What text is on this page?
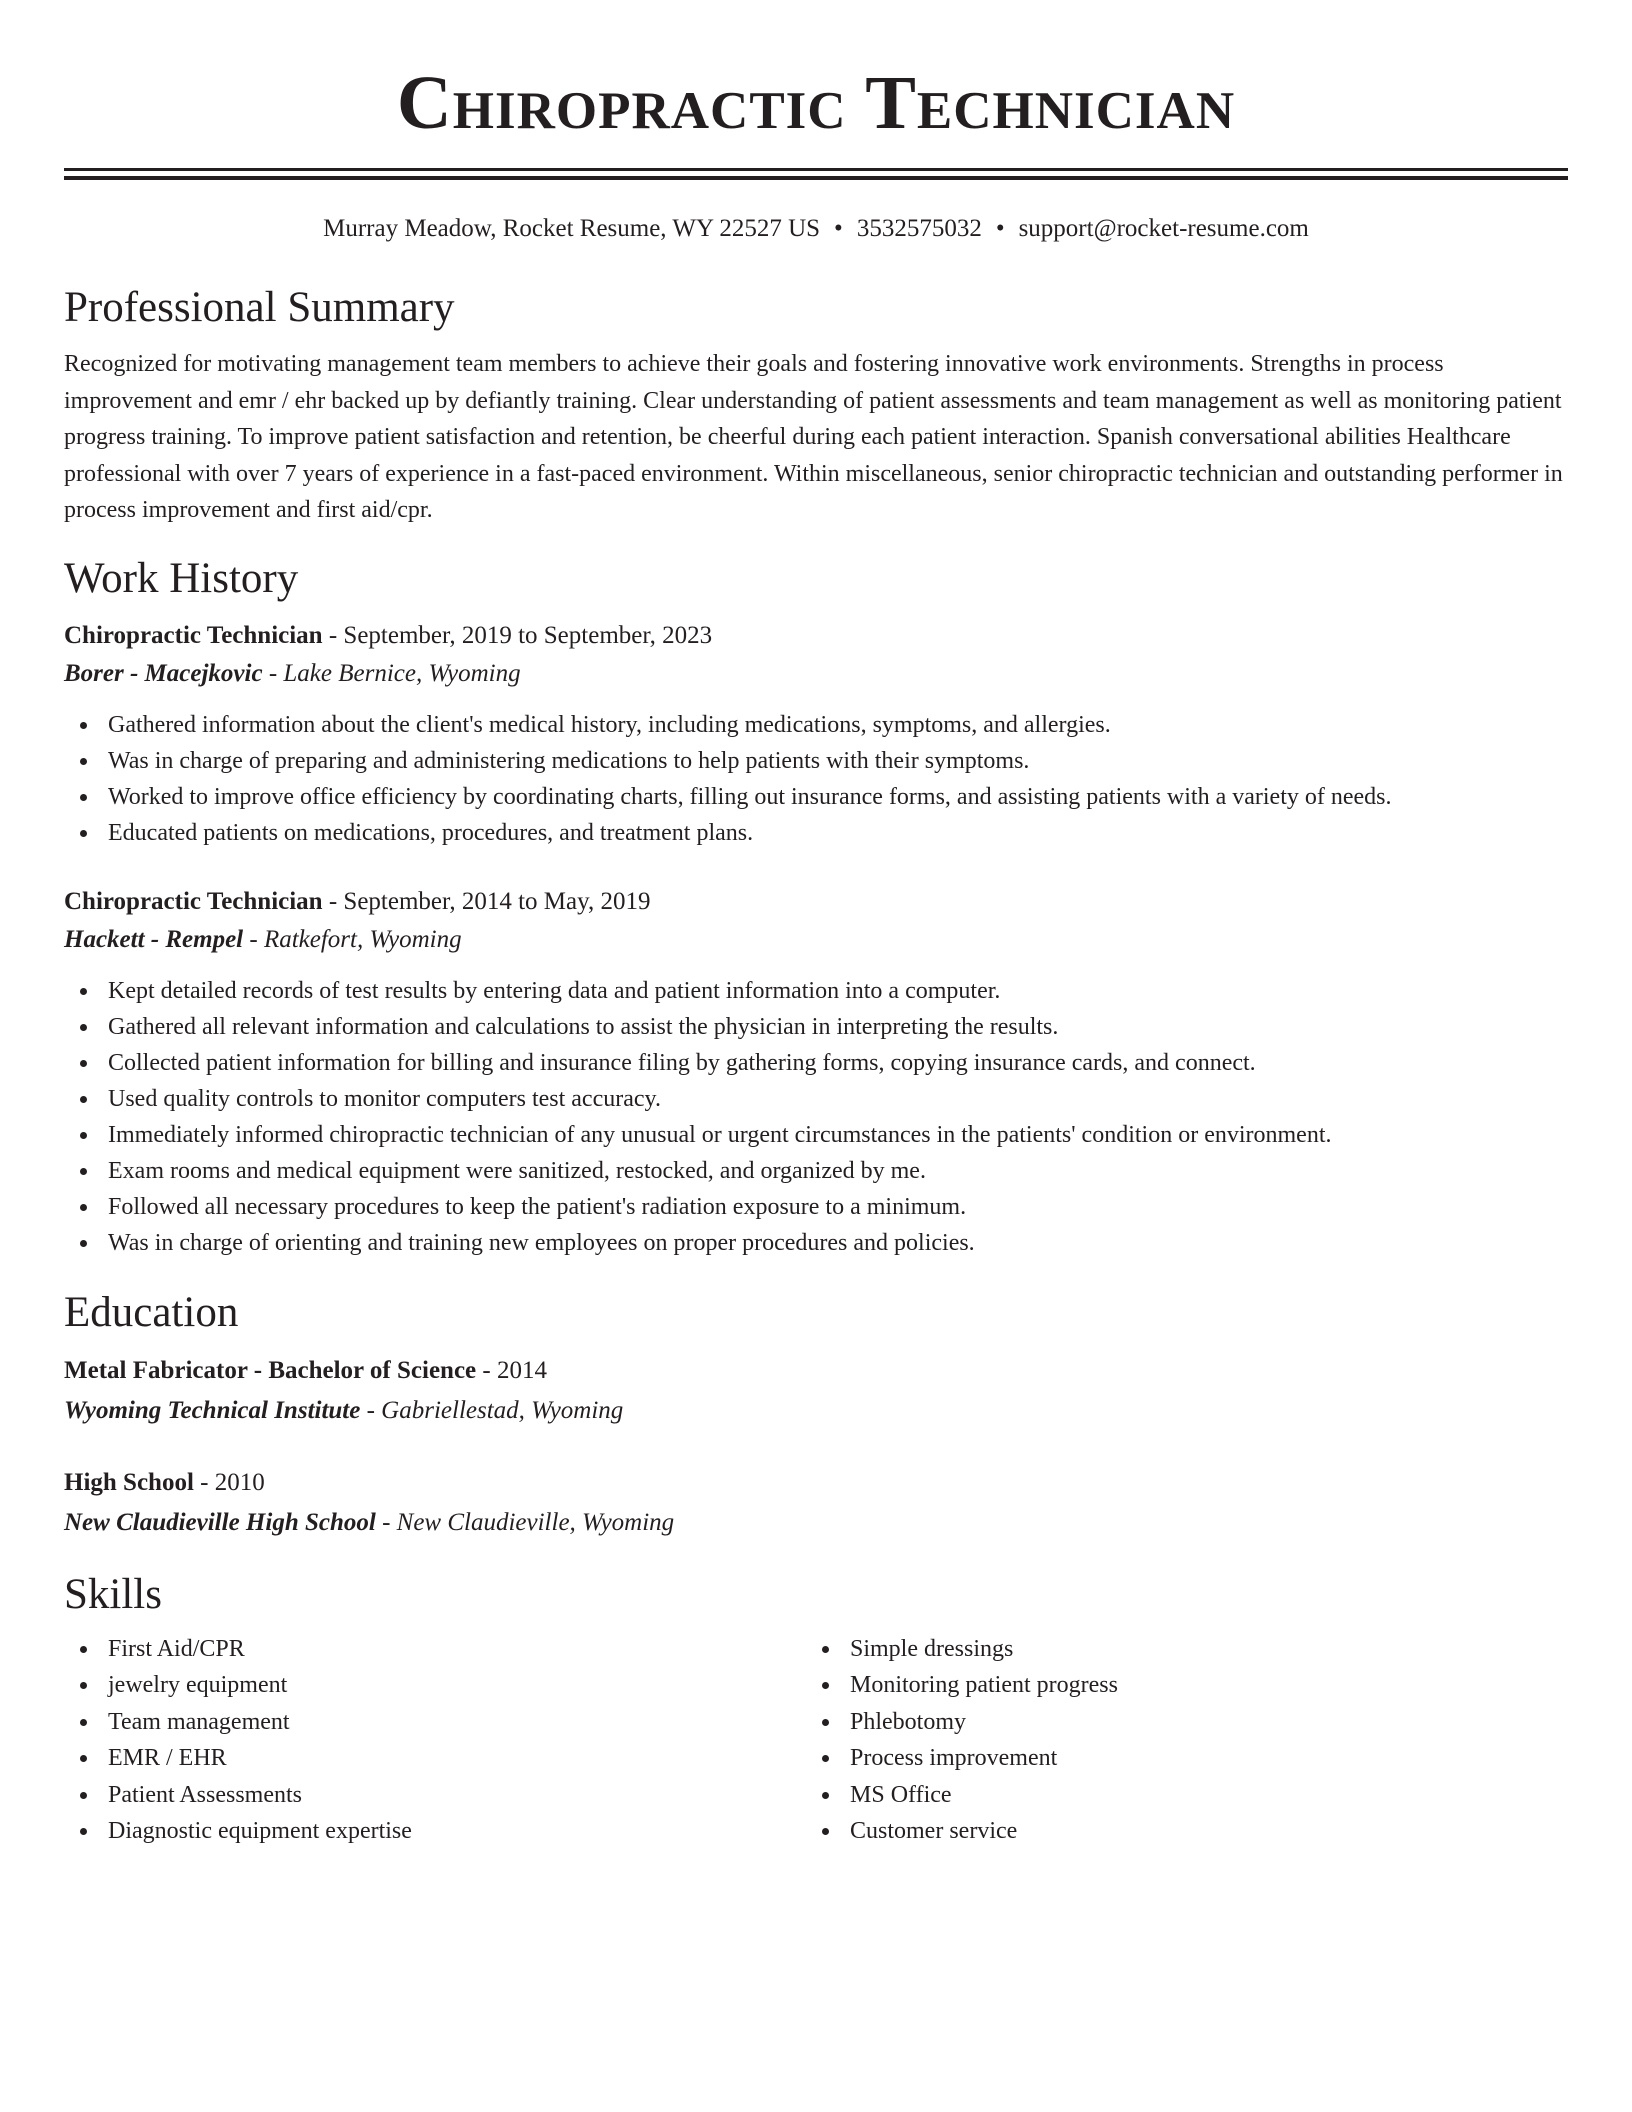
Chiropractic Technician
Murray Meadow, Rocket Resume, WY 22527 US • 3532575032 • support@rocket-resume.com
Professional Summary
Recognized for motivating management team members to achieve their goals and fostering innovative work environments. Strengths in process improvement and emr / ehr backed up by defiantly training. Clear understanding of patient assessments and team management as well as monitoring patient progress training. To improve patient satisfaction and retention, be cheerful during each patient interaction. Spanish conversational abilities Healthcare professional with over 7 years of experience in a fast-paced environment. Within miscellaneous, senior chiropractic technician and outstanding performer in process improvement and first aid/cpr.
Work History
Chiropractic Technician - September, 2019 to September, 2023
Borer - Macejkovic - Lake Bernice, Wyoming
Gathered information about the client's medical history, including medications, symptoms, and allergies.
Was in charge of preparing and administering medications to help patients with their symptoms.
Worked to improve office efficiency by coordinating charts, filling out insurance forms, and assisting patients with a variety of needs.
Educated patients on medications, procedures, and treatment plans.
Chiropractic Technician - September, 2014 to May, 2019
Hackett - Rempel - Ratkefort, Wyoming
Kept detailed records of test results by entering data and patient information into a computer.
Gathered all relevant information and calculations to assist the physician in interpreting the results.
Collected patient information for billing and insurance filing by gathering forms, copying insurance cards, and connect.
Used quality controls to monitor computers test accuracy.
Immediately informed chiropractic technician of any unusual or urgent circumstances in the patients' condition or environment.
Exam rooms and medical equipment were sanitized, restocked, and organized by me.
Followed all necessary procedures to keep the patient's radiation exposure to a minimum.
Was in charge of orienting and training new employees on proper procedures and policies.
Education
Metal Fabricator - Bachelor of Science - 2014
Wyoming Technical Institute - Gabriellestad, Wyoming
High School - 2010
New Claudieville High School - New Claudieville, Wyoming
Skills
First Aid/CPR
jewelry equipment
Team management
EMR / EHR
Patient Assessments
Diagnostic equipment expertise
Simple dressings
Monitoring patient progress
Phlebotomy
Process improvement
MS Office
Customer service
